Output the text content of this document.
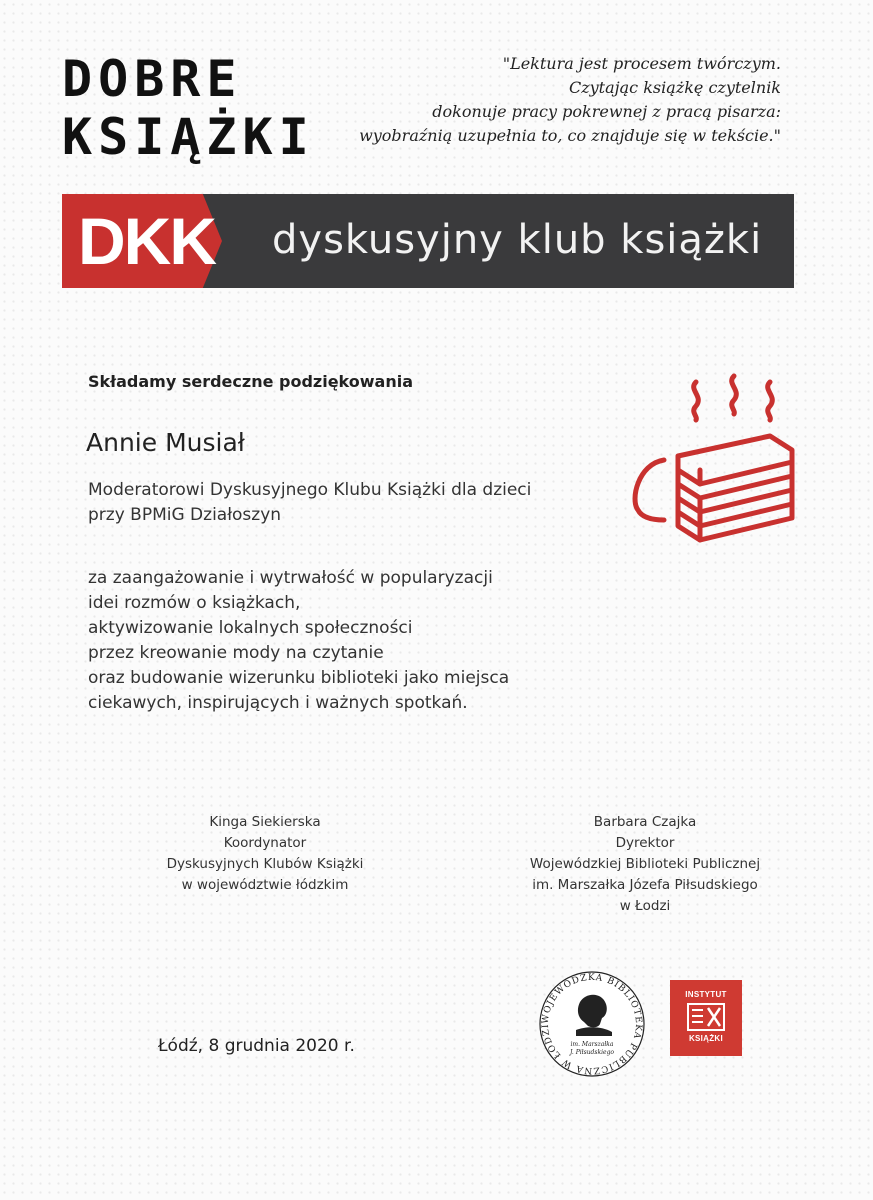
DOBRE
KSIĄŻKI
"Lektura jest procesem twórczym.
Czytając książkę czytelnik
dokonuje pracy pokrewnej z pracą pisarza:
wyobraźnią uzupełnia to, co znajduje się w tekście."
DKK dyskusyjny klub książki
Składamy serdeczne podziękowania
Annie Musiał
Moderatorowi Dyskusyjnego Klubu Książki dla dzieci
przy BPMiG Działoszyn
za zaangażowanie i wytrwałość w popularyzacji
idei rozmów o książkach,
aktywizowanie lokalnych społeczności
przez kreowanie mody na czytanie
oraz budowanie wizerunku biblioteki jako miejsca
ciekawych, inspirujących i ważnych spotkań.
Kinga Siekierska
Koordynator
Dyskusyjnych Klubów Książki
w województwie łódzkim
Barbara Czajka
Dyrektor
Wojewódzkiej Biblioteki Publicznej
im. Marszałka Józefa Piłsudskiego
w Łodzi
Łódź, 8 grudnia 2020 r.
WOJEWÓDZKA BIBLIOTEKA PUBLICZNA W ŁODZI
im. Marszałka
J. Piłsudskiego
INSTYTUT
KSIĄŻKI
